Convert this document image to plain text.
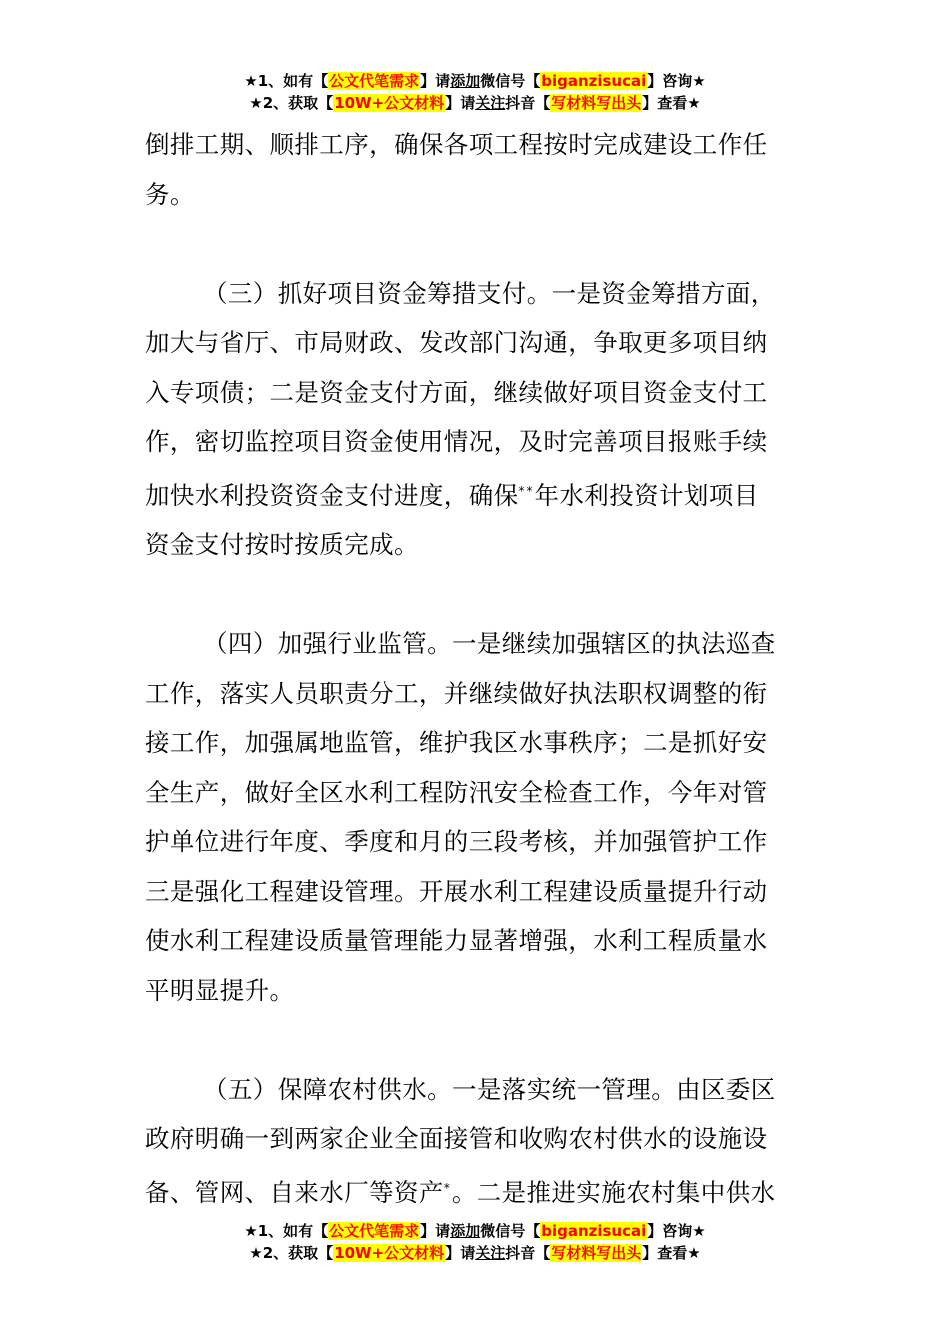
★1、如有【公文代笔需求】请添加微信号【biganzisucai】咨询★
★2、获取【10W+公文材料】请关注抖音【写材料写出头】查看★
倒排工期、顺排工序，确保各项工程按时完成建设工作任
务。
（三）抓好项目资金筹措支付。一是资金筹措方面，
加大与省厅、市局财政、发改部门沟通，争取更多项目纳
入专项债；二是资金支付方面，继续做好项目资金支付工
作，密切监控项目资金使用情况，及时完善项目报账手续
加快水利投资资金支付进度，确保**年水利投资计划项目
资金支付按时按质完成。
（四）加强行业监管。一是继续加强辖区的执法巡查
工作，落实人员职责分工，并继续做好执法职权调整的衔
接工作，加强属地监管，维护我区水事秩序；二是抓好安
全生产，做好全区水利工程防汛安全检查工作，今年对管
护单位进行年度、季度和月的三段考核，并加强管护工作
三是强化工程建设管理。开展水利工程建设质量提升行动
使水利工程建设质量管理能力显著增强，水利工程质量水
平明显提升。
（五）保障农村供水。一是落实统一管理。由区委区
政府明确一到两家企业全面接管和收购农村供水的设施设
备、管网、自来水厂等资产*。二是推进实施农村集中供水
★1、如有【公文代笔需求】请添加微信号【biganzisucai】咨询★
★2、获取【10W+公文材料】请关注抖音【写材料写出头】查看★
